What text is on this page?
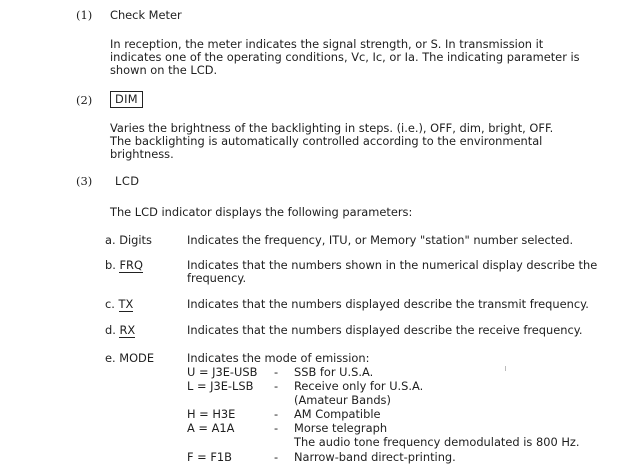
(1) Check Meter
In reception, the meter indicates the signal strength, or S. In transmission it
indicates one of the operating conditions, Vc, Ic, or Ia. The indicating parameter is
shown on the LCD.
(2)	DIM
Varies the brightness of the backlighting in steps. (i.e.), OFF, dim, bright, OFF.
The backlighting is automatically controlled according to the environmental
brightness.
(3) LCD
The LCD indicator displays the following parameters:
a. Digits	Indicates the frequency, ITU, or Memory "station" number selected.
b. FRQ	Indicates that the numbers shown in the numerical display describe the
frequency.
c. TX	Indicates that the numbers displayed describe the transmit frequency.
d. RX	Indicates that the numbers displayed describe the receive frequency.
e. MODE	Indicates the mode of emission:
U = J3E-USB - SSB for U.S.A.
L = J3E-LSB - Receive only for U.S.A.
(Amateur Bands)
H = H3E	- AM Compatible
A = A1A	- Morse telegraph
The audio tone frequency demodulated is 800 Hz.
F = F1B	- Narrow-band direct-printing.
